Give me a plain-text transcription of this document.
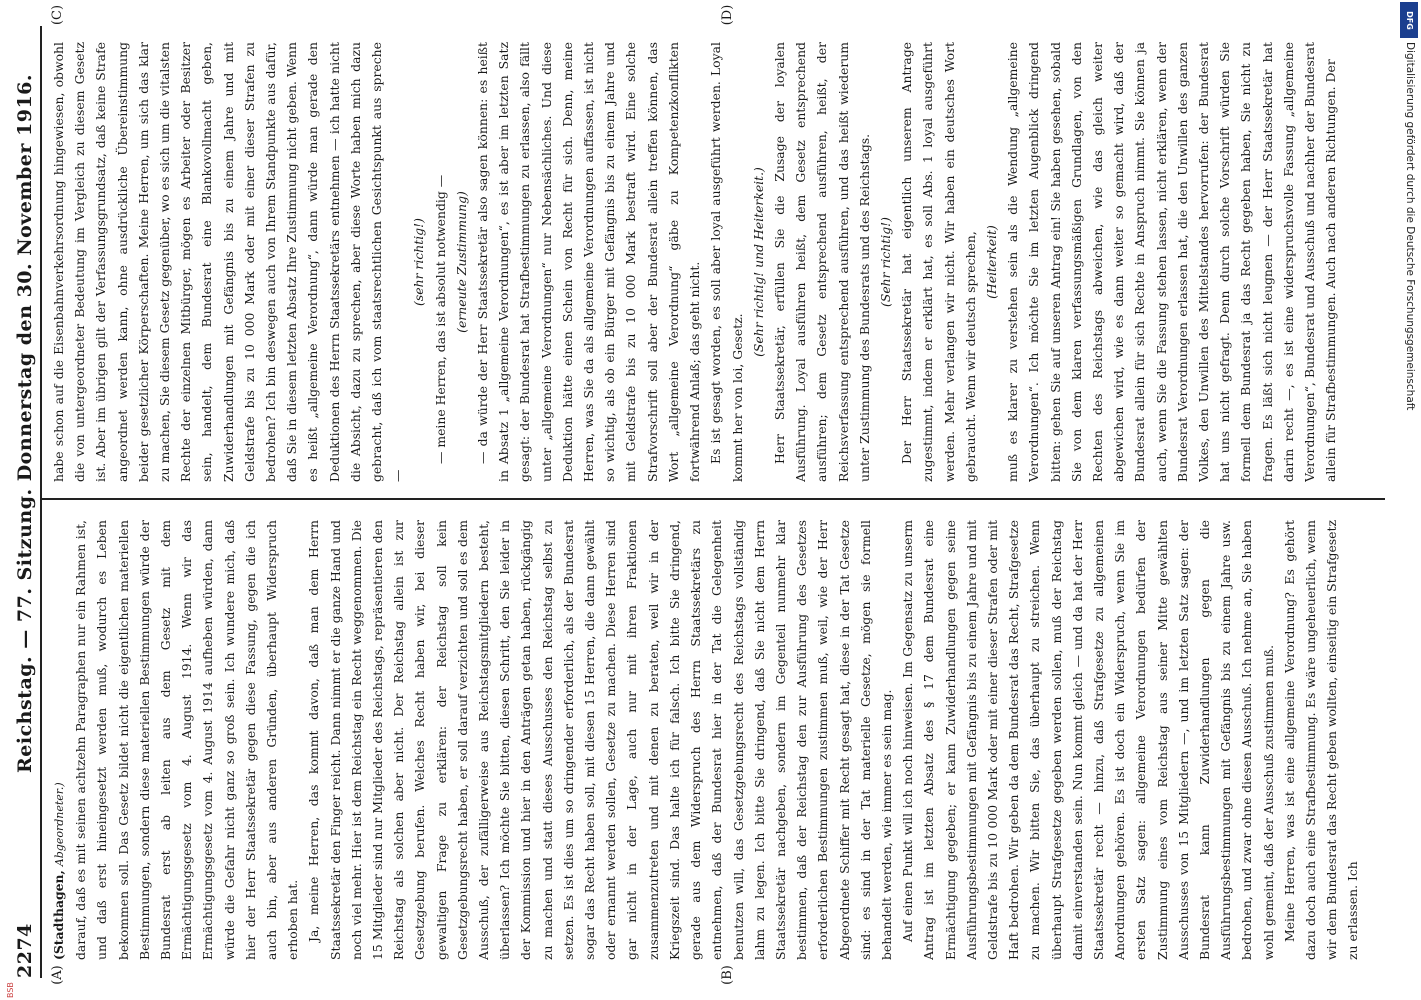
2274
Reichstag. — 77. Sitzung. Donnerstag den 30. November 1916.
(A)	(B)
(C)	(D)

(Stadthagen, Abgeordneter.) darauf, daß es mit seinen achtzehn Paragraphen nur ein Rahmen ist, und daß erst hineingesetzt werden muß, wodurch es Leben bekommen soll. Das Gesetz bildet nicht die eigentlichen materiellen Bestimmungen, sondern diese materiellen Bestimmungen würde der Bundesrat erst ab leiten aus dem Gesetz mit dem Ermächtigungsgesetz vom 4. August 1914. Wenn wir das Ermächtigungsgesetz vom 4. August 1914 aufheben würden, dann würde die Gefahr nicht ganz so groß sein. Ich wundere mich, daß hier der Herr Staatssekretär gegen diese Fassung, gegen die ich auch bin, aber aus anderen Gründen, überhaupt Widerspruch erhoben hat. Ja, meine Herren, das kommt davon, daß man dem Herrn Staatssekretär den Finger reicht. Dann nimmt er die ganze Hand und noch viel mehr. Hier ist dem Reichstag ein Recht weggenommen. Die 15 Mitglieder sind nur Mitglieder des Reichstags, repräsentieren den Reichstag als solchen aber nicht. Der Reichstag allein ist zur Gesetzgebung berufen. Welches Recht haben wir, bei dieser gewaltigen Frage zu erklären: der Reichstag soll kein Gesetzgebungsrecht haben, er soll darauf verzichten und soll es dem Ausschuß, der zufälligerweise aus Reichstagsmitgliedern besteht, überlassen? Ich möchte Sie bitten, diesen Schritt, den Sie leider in der Kommission und hier in den Anträgen getan haben, rückgängig zu machen und statt dieses Ausschusses den Reichstag selbst zu setzen. Es ist dies um so dringender erforderlich, als der Bundesrat sogar das Recht haben soll, mit diesen 15 Herren, die dann gewählt oder ernannt werden sollen, Gesetze zu machen. Diese Herren sind gar nicht in der Lage, auch nur mit ihren Fraktionen zusammenzutreten und mit denen zu beraten, weil wir in der Kriegszeit sind. Das halte ich für falsch. Ich bitte Sie dringend, gerade aus dem Widerspruch des Herrn Staatssekretärs zu entnehmen, daß der Bundesrat hier in der Tat die Gelegenheit benutzen will, das Gesetzgebungsrecht des Reichstags vollständig lahm zu legen. Ich bitte Sie dringend, daß Sie nicht dem Herrn Staatssekretär nachgeben, sondern im Gegenteil nunmehr klar bestimmen, daß der Reichstag den zur Ausführung des Gesetzes erforderlichen Bestimmungen zustimmen muß, weil, wie der Herr Abgeordnete Schiffer mit Recht gesagt hat, diese in der Tat Gesetze sind: es sind in der Tat materielle Gesetze, mögen sie formell behandelt werden, wie immer es sein mag. Auf einen Punkt will ich noch hinweisen. Im Gegensatz zu unserm Antrag ist im letzten Absatz des § 17 dem Bundesrat eine Ermächtigung gegeben; er kann Zuwiderhandlungen gegen seine Ausführungsbestimmungen mit Gefängnis bis zu einem Jahre und mit Geldstrafe bis zu 10 000 Mark oder mit einer dieser Strafen oder mit Haft bedrohen. Wir geben da dem Bundesrat das Recht, Strafgesetze zu machen. Wir bitten Sie, das überhaupt zu streichen. Wenn überhaupt Strafgesetze gegeben werden sollen, muß der Reichstag damit einverstanden sein. Nun kommt gleich — und da hat der Herr Staatssekretär recht — hinzu, daß Strafgesetze zu allgemeinen Anordnungen gehören. Es ist doch ein Widerspruch, wenn Sie im ersten Satz sagen: allgemeine Verordnungen bedürfen der Zustimmung eines vom Reichstag aus seiner Mitte gewählten Ausschusses von 15 Mitgliedern —, und im letzten Satz sagen: der Bundesrat kann Zuwiderhandlungen gegen die Ausführungsbestimmungen mit Gefängnis bis zu einem Jahre usw. bedrohen, und zwar ohne diesen Ausschuß. Ich nehme an, Sie haben wohl gemeint, daß der Ausschuß zustimmen muß. Meine Herren, was ist eine allgemeine Verordnung? Es gehört dazu doch auch eine Strafbestimmung. Es wäre ungeheuerlich, wenn wir dem Bundesrat das Recht geben wollten, einseitig ein Strafgesetz zu erlassen. Ich

habe schon auf die Eisenbahnverkehrsordnung hingewiesen, obwohl die von untergeordneter Bedeutung im Vergleich zu diesem Gesetz ist. Aber im übrigen gilt der Verfassungsgrundsatz, daß keine Strafe angeordnet werden kann, ohne ausdrückliche Übereinstimmung beider gesetzlicher Körperschaften. Meine Herren, um sich das klar zu machen, Sie diesem Gesetz gegenüber, wo es sich um die vitalsten Rechte der einzelnen Mitbürger, mögen es Arbeiter oder Besitzer sein, handelt, dem Bundesrat eine Blankovollmacht geben, Zuwiderhandlungen mit Gefängnis bis zu einem Jahre und mit Geldstrafe bis zu 10 000 Mark oder mit einer dieser Strafen zu bedrohen? Ich bin deswegen auch von Ihrem Standpunkte aus dafür, daß Sie in diesem letzten Absatz Ihre Zustimmung nicht geben. Wenn es heißt „allgemeine Verordnung“, dann würde man gerade den Deduktionen des Herrn Staatssekretärs entnehmen — ich hatte nicht die Absicht, dazu zu sprechen, aber diese Worte haben mich dazu gebracht, daß ich vom staatsrechtlichen Gesichtspunkt aus spreche —

(sehr richtig!) — meine Herren, das ist absolut notwendig — (erneute Zustimmung) — da würde der Herr Staatssekretär also sagen können: es heißt in Absatz 1 „allgemeine Verordnungen“, es ist aber im letzten Satz gesagt: der Bundesrat hat Strafbestimmungen zu erlassen, also fällt unter „allgemeine Verordnungen“ nur Nebensächliches. Und diese Deduktion hätte einen Schein von Recht für sich. Denn, meine Herren, was Sie da als allgemeine Verordnungen auffassen, ist nicht so wichtig, als ob ein Bürger mit Gefängnis bis zu einem Jahre und mit Geldstrafe bis zu 10 000 Mark bestraft wird. Eine solche Strafvorschrift soll aber der Bundesrat allein treffen können, das Wort „allgemeine Verordnung“ gäbe zu Kompetenzkonflikten fortwährend Anlaß; das geht nicht. Es ist gesagt worden, es soll aber loyal ausgeführt werden. Loyal kommt her von loi, Gesetz.

(Sehr richtig! und Heiterkeit.) Herr Staatssekretär, erfüllen Sie die Zusage der loyalen Ausführung. Loyal ausführen heißt, dem Gesetz entsprechend ausführen; dem Gesetz entsprechend ausführen, heißt, der Reichsverfassung entsprechend ausführen, und das heißt wiederum unter Zustimmung des Bundesrats und des Reichstags. (Sehr richtig!) Der Herr Staatssekretär hat eigentlich unserem Antrage zugestimmt, indem er erklärt hat, es soll Abs. 1 loyal ausgeführt werden. Mehr verlangen wir nicht. Wir haben ein deutsches Wort gebraucht. Wenn wir deutsch sprechen, (Heiterkeit) muß es klarer zu verstehen sein als die Wendung „allgemeine Verordnungen“. Ich möchte Sie im letzten Augenblick dringend bitten: gehen Sie auf unseren Antrag ein! Sie haben gesehen, sobald Sie von dem klaren verfassungsmäßigen Grundlagen, von den Rechten des Reichstags abweichen, wie das gleich weiter abgewichen wird, wie es dann weiter so gemacht wird, daß der Bundesrat allein für sich Rechte in Anspruch nimmt. Sie können ja auch, wenn Sie die Fassung stehen lassen, nicht erklären, wenn der Bundesrat Verordnungen erlassen hat, die den Unwillen des ganzen Volkes, den Unwillen des Mittelstandes hervorrufen: der Bundesrat hat uns nicht gefragt. Denn durch solche Vorschrift würden Sie formell dem Bundesrat ja das Recht gegeben haben, Sie nicht zu fragen. Es läßt sich nicht leugnen — der Herr Staatssekretär hat darin recht —, es ist eine widerspruchsvolle Fassung „allgemeine Verordnungen“, Bundesrat und Ausschuß und nachher der Bundesrat allein für Strafbestimmungen. Auch nach anderen Richtungen. Der

DFG
Digitalisierung gefördert durch die Deutsche Forschungsgemeinschaft
BSB
